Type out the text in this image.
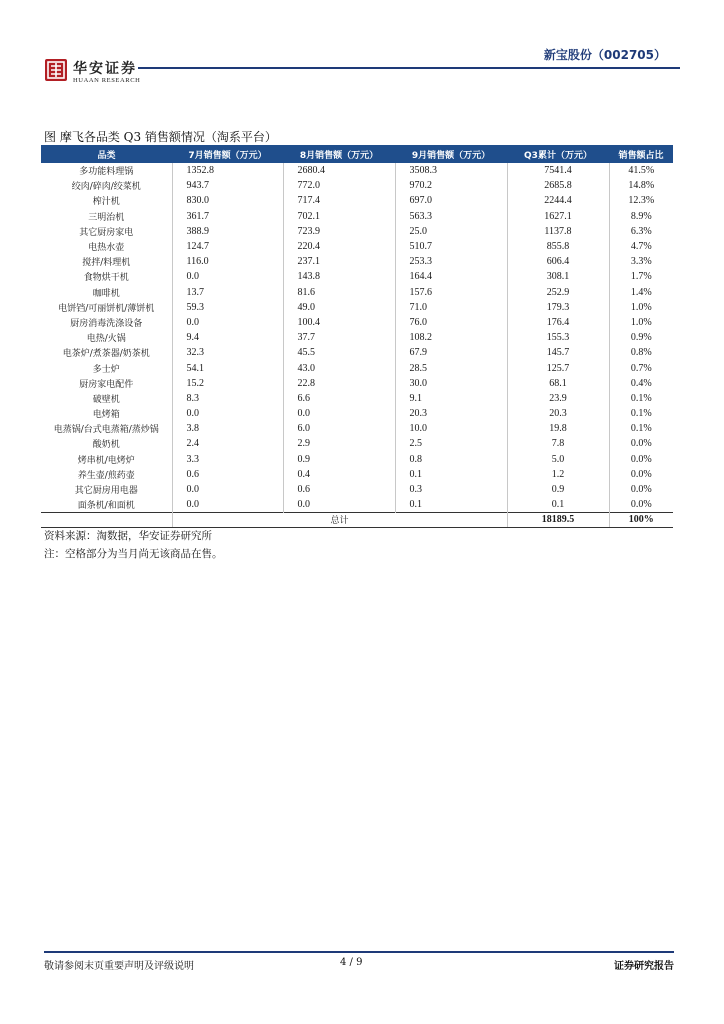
华安证券
HUAAN RESEARCH
新宝股份（002705）
图 摩飞各品类 Q3 销售额情况（淘系平台）
品类	7月销售额（万元）	8月销售额（万元）	9月销售额（万元）	Q3累计（万元）	销售额占比
多功能料理锅	1352.8	2680.4	3508.3	7541.4	41.5%
绞肉/碎肉/绞菜机	943.7	772.0	970.2	2685.8	14.8%
榨汁机	830.0	717.4	697.0	2244.4	12.3%
三明治机	361.7	702.1	563.3	1627.1	8.9%
其它厨房家电	388.9	723.9	25.0	1137.8	6.3%
电热水壶	124.7	220.4	510.7	855.8	4.7%
搅拌/料理机	116.0	237.1	253.3	606.4	3.3%
食物烘干机	0.0	143.8	164.4	308.1	1.7%
咖啡机	13.7	81.6	157.6	252.9	1.4%
电饼铛/可丽饼机/薄饼机	59.3	49.0	71.0	179.3	1.0%
厨房消毒洗涤设备	0.0	100.4	76.0	176.4	1.0%
电热/火锅	9.4	37.7	108.2	155.3	0.9%
电茶炉/煮茶器/奶茶机	32.3	45.5	67.9	145.7	0.8%
多士炉	54.1	43.0	28.5	125.7	0.7%
厨房家电配件	15.2	22.8	30.0	68.1	0.4%
破壁机	8.3	6.6	9.1	23.9	0.1%
电烤箱	0.0	0.0	20.3	20.3	0.1%
电蒸锅/台式电蒸箱/蒸炒锅	3.8	6.0	10.0	19.8	0.1%
酸奶机	2.4	2.9	2.5	7.8	0.0%
烤串机/电烤炉	3.3	0.9	0.8	5.0	0.0%
养生壶/煎药壶	0.6	0.4	0.1	1.2	0.0%
其它厨房用电器	0.0	0.6	0.3	0.9	0.0%
面条机/和面机	0.0	0.0	0.1	0.1	0.0%
	总计			18189.5	100%
资料来源：淘数据，华安证券研究所
注：空格部分为当月尚无该商品在售。
敬请参阅末页重要声明及评级说明	4 / 9	证券研究报告
